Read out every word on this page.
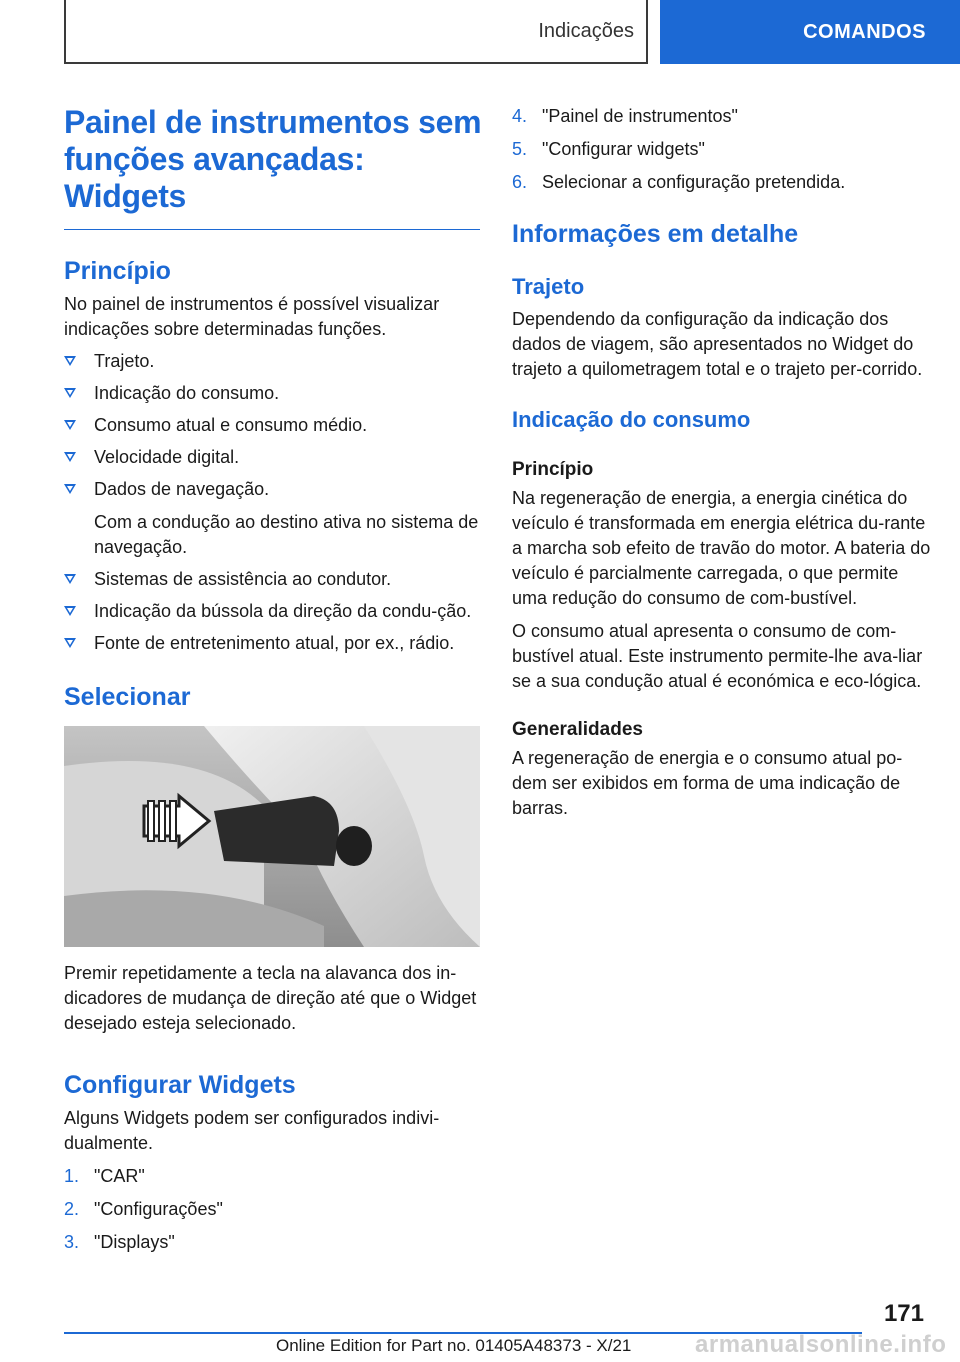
Indicações	COMANDOS
Painel de instrumentos sem
funções avançadas:
Widgets
Princípio

No painel de instrumentos é possível visualizar indicações sobre determinadas funções.

Trajeto.
Indicação do consumo.
Consumo atual e consumo médio.
Velocidade digital.
Dados de navegação.
Com a condução ao destino ativa no sistema de navegação.
Sistemas de assistência ao condutor.
Indicação da bússola da direção da condu-ção.
Fonte de entretenimento atual, por ex., rádio.
Selecionar

Premir repetidamente a tecla na alavanca dos in-dicadores de mudança de direção até que o Widget desejado esteja selecionado.

Configurar Widgets

Alguns Widgets podem ser configurados indivi-dualmente.

1. "CAR"
2. "Configurações"
3. "Displays"
4. "Painel de instrumentos"
5. "Configurar widgets"
6. Selecionar a configuração pretendida.
Informações em detalhe
Trajeto

Dependendo da configuração da indicação dos dados de viagem, são apresentados no Widget do trajeto a quilometragem total e o trajeto per-corrido.

Indicação do consumo
Princípio

Na regeneração de energia, a energia cinética do veículo é transformada em energia elétrica du-rante a marcha sob efeito de travão do motor. A bateria do veículo é parcialmente carregada, o que permite uma redução do consumo de com-bustível.

O consumo atual apresenta o consumo de com-bustível atual. Este instrumento permite-lhe ava-liar se a sua condução atual é económica e eco-lógica.

Generalidades

A regeneração de energia e o consumo atual po-dem ser exibidos em forma de uma indicação de barras.

171
Online Edition for Part no. 01405A48373 - X/21	armanualsonline.info
